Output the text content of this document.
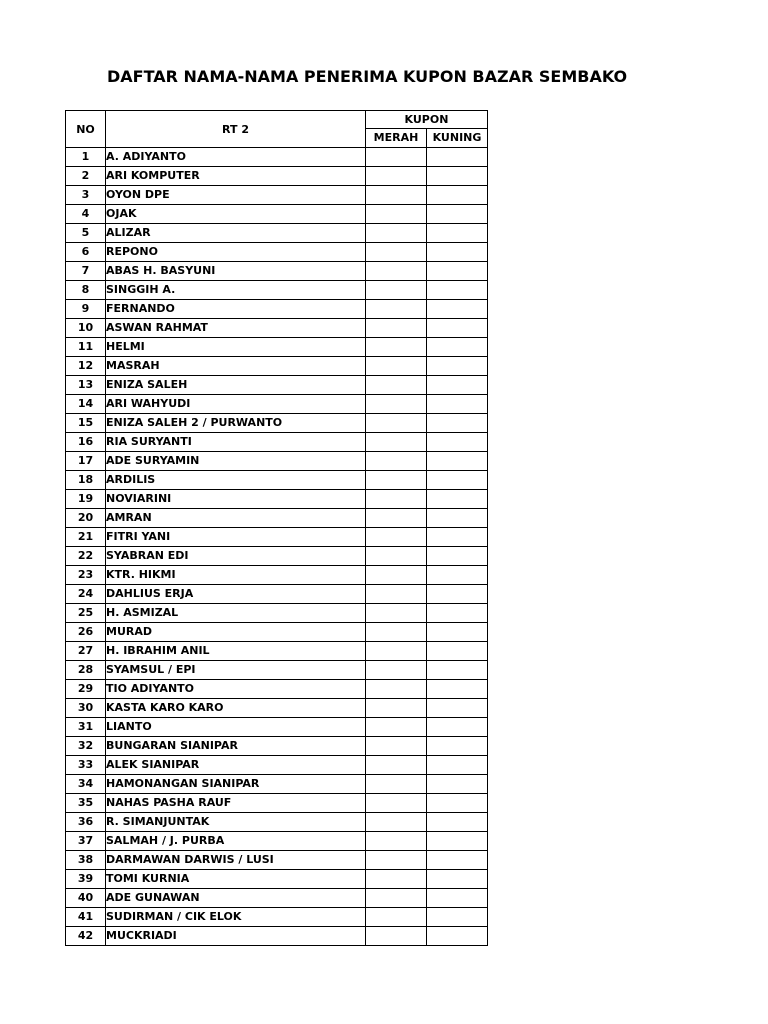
DAFTAR NAMA-NAMA PENERIMA KUPON BAZAR SEMBAKO
NO	RT 2	KUPON	
		MERAH	KUNING
1	A. ADIYANTO		
2	ARI KOMPUTER		
3	OYON DPE		
4	OJAK		
5	ALIZAR		
6	REPONO		
7	ABAS H. BASYUNI		
8	SINGGIH A.		
9	FERNANDO		
10	ASWAN RAHMAT		
11	HELMI		
12	MASRAH		
13	ENIZA SALEH		
14	ARI WAHYUDI		
15	ENIZA SALEH 2 / PURWANTO		
16	RIA SURYANTI		
17	ADE SURYAMIN		
18	ARDILIS		
19	NOVIARINI		
20	AMRAN		
21	FITRI YANI		
22	SYABRAN EDI		
23	KTR. HIKMI		
24	DAHLIUS ERJA		
25	H. ASMIZAL		
26	MURAD		
27	H. IBRAHIM ANIL		
28	SYAMSUL / EPI		
29	TIO ADIYANTO		
30	KASTA KARO KARO		
31	LIANTO		
32	BUNGARAN SIANIPAR		
33	ALEK SIANIPAR		
34	HAMONANGAN SIANIPAR		
35	NAHAS PASHA RAUF		
36	R. SIMANJUNTAK		
37	SALMAH / J. PURBA		
38	DARMAWAN DARWIS / LUSI		
39	TOMI KURNIA		
40	ADE GUNAWAN		
41	SUDIRMAN / CIK ELOK		
42	MUCKRIADI		
